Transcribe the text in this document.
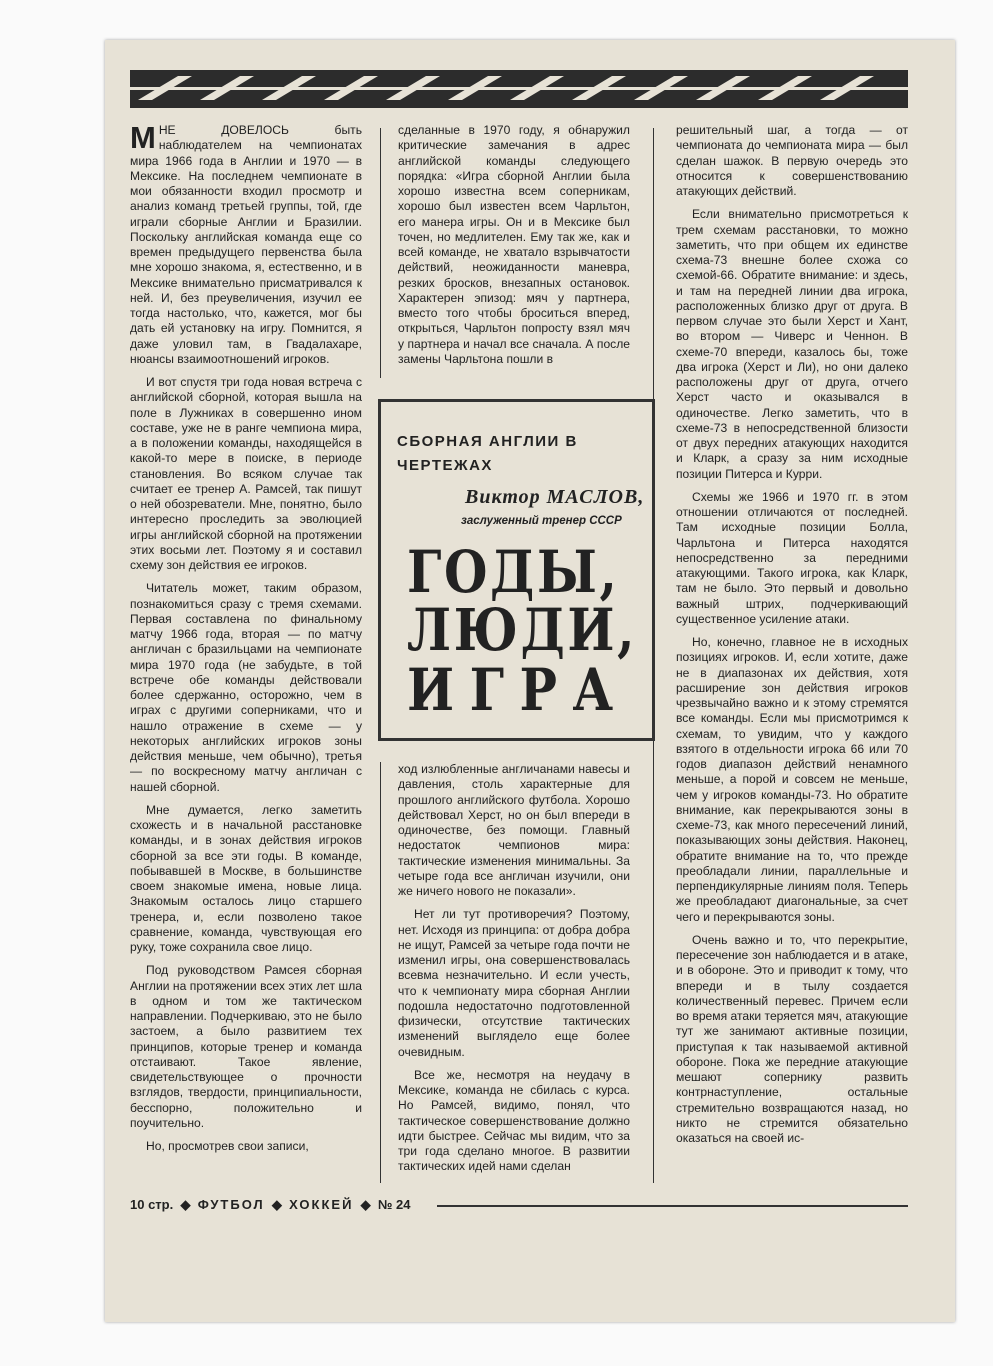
МНЕ ДОВЕЛОСЬ быть наблюдателем на чемпионатах мира 1966 года в Англии и 1970 — в Мексике. На последнем чемпионате в мои обязанности входил просмотр и анализ команд третьей группы, той, где играли сборные Англии и Бразилии. Поскольку английская команда еще со времен предыдущего первенства была мне хорошо знакома, я, естественно, и в Мексике внимательно присматривался к ней. И, без преувеличения, изучил ее тогда настолько, что, кажется, мог бы дать ей установку на игру. Помнится, я даже уловил там, в Гвадалахаре, нюансы взаимоотношений игроков.

И вот спустя три года новая встреча с английской сборной, которая вышла на поле в Лужниках в совершенно ином составе, уже не в ранге чемпиона мира, а в положении команды, находящейся в какой-то мере в поиске, в периоде становления. Во всяком случае так считает ее тренер А. Рамсей, так пишут о ней обозреватели. Мне, понятно, было интересно проследить за эволюцией игры английской сборной на протяжении этих восьми лет. Поэтому я и составил схему зон действия ее игроков.

Читатель может, таким образом, познакомиться сразу с тремя схемами. Первая составлена по финальному матчу 1966 года, вторая — по матчу англичан с бразильцами на чемпионате мира 1970 года (не забудьте, в той встрече обе команды действовали более сдержанно, осторожно, чем в играх с другими соперниками, что и нашло отражение в схеме — у некоторых английских игроков зоны действия меньше, чем обычно), третья — по воскресному матчу англичан с нашей сборной.

Мне думается, легко заметить схожесть и в начальной расстановке команды, и в зонах действия игроков сборной за все эти годы. В команде, побывавшей в Москве, в большинстве своем знакомые имена, новые лица. Знакомым осталось лицо старшего тренера, и, если позволено такое сравнение, команда, чувствующая его руку, тоже сохранила свое лицо.

Под руководством Рамсея сборная Англии на протяжении всех этих лет шла в одном и том же тактическом направлении. Подчеркиваю, это не было застоем, а было развитием тех принципов, которые тренер и команда отстаивают. Такое явление, свидетельствующее о прочности взглядов, твердости, принципиальности, бесспорно, положительно и поучительно.

Но, просмотрев свои записи,

сделанные в 1970 году, я обнаружил критические замечания в адрес английской команды следующего порядка: «Игра сборной Англии была хорошо известна всем соперникам, хорошо был известен всем Чарльтон, его манера игры. Он и в Мексике был точен, но медлителен. Ему так же, как и всей команде, не хватало взрывчатости действий, неожиданности маневра, резких бросков, внезапных остановок. Характерен эпизод: мяч у партнера, вместо того чтобы броситься вперед, открыться, Чарльтон попросту взял мяч у партнера и начал все сначала. А после замены Чарльтона пошли в

СБОРНАЯ АНГЛИИ В ЧЕРТЕЖАХ
Виктор МАСЛОВ,
заслуженный тренер СССР
ГОДЫ,
ЛЮДИ,
ИГРА

ход излюбленные англичанами навесы и давления, столь характерные для прошлого английского футбола. Хорошо действовал Херст, но он был впереди в одиночестве, без помощи. Главный недостаток чемпионов мира: тактические изменения минимальны. За четыре года все англичан изучили, они же ничего нового не показали».

Нет ли тут противоречия? Поэтому, нет. Исходя из принципа: от добра добра не ищут, Рамсей за четыре года почти не изменил игры, она совершенствовалась всевма незначительно. И если учесть, что к чемпионату мира сборная Англии подошла недостаточно подготовленной физически, отсутствие тактических изменений выглядело еще более очевидным.

Все же, несмотря на неудачу в Мексике, команда не сбилась с курса. Но Рамсей, видимо, понял, что тактическое совершенствование должно идти быстрее. Сейчас мы видим, что за три года сделано многое. В развитии тактических идей нами сделан

решительный шаг, а тогда — от чемпионата до чемпионата мира — был сделан шажок. В первую очередь это относится к совершенствованию атакующих действий.

Если внимательно присмотреться к трем схемам расстановки, то можно заметить, что при общем их единстве схема-73 внешне более схожа со схемой-66. Обратите внимание: и здесь, и там на передней линии два игрока, расположенных близко друг от друга. В первом случае это были Херст и Хант, во втором — Чиверс и Ченнон. В схеме-70 впереди, казалось бы, тоже два игрока (Херст и Ли), но они далеко расположены друг от друга, отчего Херст часто и оказывался в одиночестве. Легко заметить, что в схеме-73 в непосредственной близости от двух передних атакующих находится и Кларк, а сразу за ним исходные позиции Питерса и Курри.

Схемы же 1966 и 1970 гг. в этом отношении отличаются от последней. Там исходные позиции Болла, Чарльтона и Питерса находятся непосредственно за передними атакующими. Такого игрока, как Кларк, там не было. Это первый и довольно важный штрих, подчеркивающий существенное усиление атаки.

Но, конечно, главное не в исходных позициях игроков. И, если хотите, даже не в диапазонах их действия, хотя расширение зон действия игроков чрезвычайно важно и к этому стремятся все команды. Если мы присмотримся к схемам, то увидим, что у каждого взятого в отдельности игрока 66 или 70 годов диапазон действий ненамного меньше, а порой и совсем не меньше, чем у игроков команды-73. Но обратите внимание, как перекрываются зоны в схеме-73, как много пересечений линий, показывающих зоны действия. Наконец, обратите внимание на то, что прежде преобладали линии, параллельные и перпендикулярные линиям поля. Теперь же преобладают диагональные, за счет чего и перекрываются зоны.

Очень важно и то, что перекрытие, пересечение зон наблюдается и в атаке, и в обороне. Это и приводит к тому, что впереди и в тылу создается количественный перевес. Причем если во время атаки теряется мяч, атакующие тут же занимают активные позиции, приступая к так называемой активной обороне. Пока же передние атакующие мешают сопернику развить контрнаступление, остальные стремительно возвращаются назад, но никто не стремится обязательно оказаться на своей ис-

10 стр.  ◆  ФУТБОЛ  ◆  ХОККЕЙ  ◆  № 24
